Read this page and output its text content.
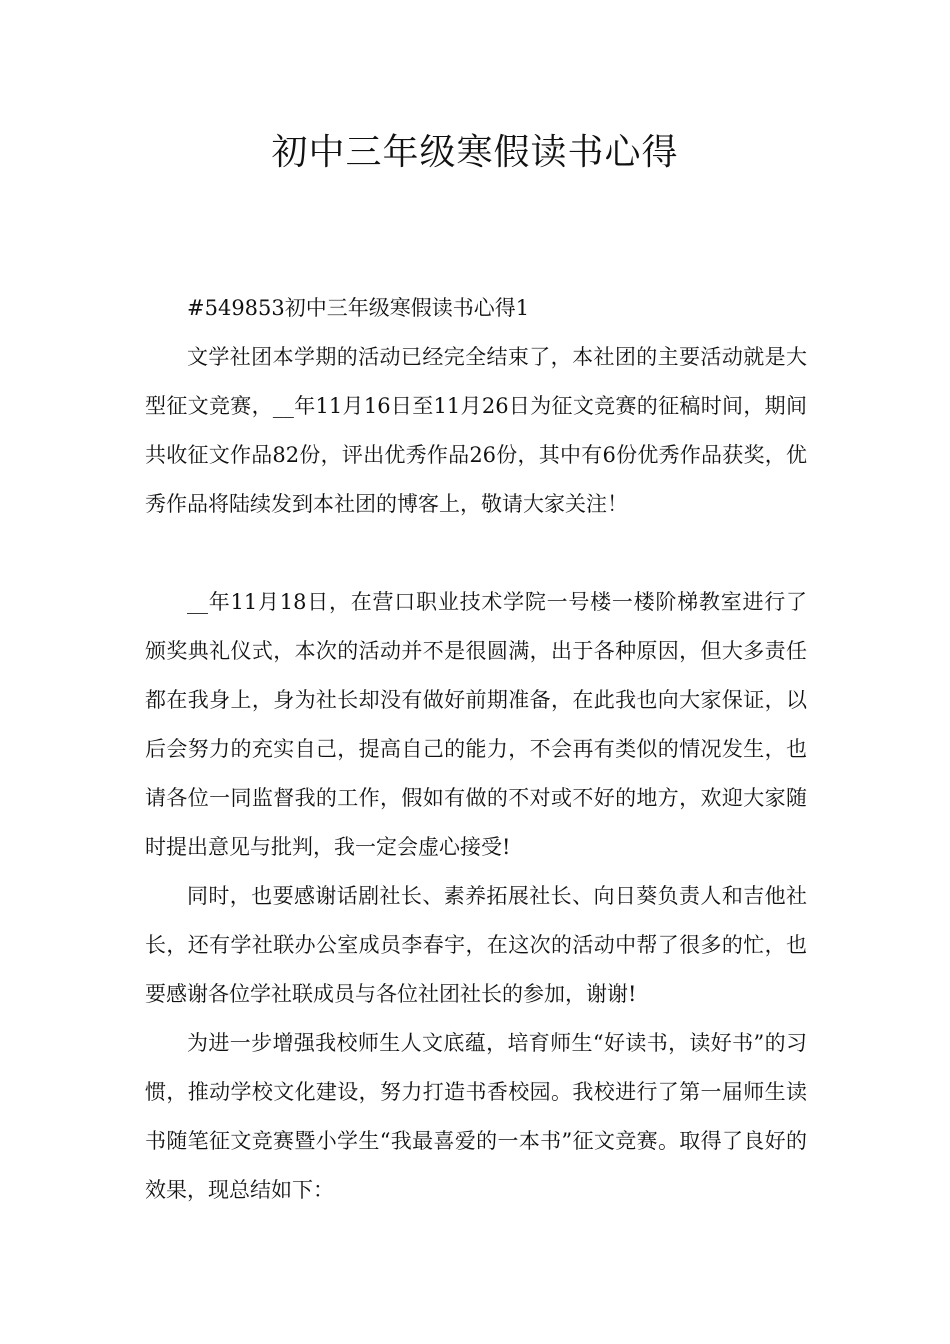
初中三年级寒假读书心得

#549853初中三年级寒假读书心得1

文学社团本学期的活动已经完全结束了，本社团的主要活动就是大型征文竞赛，__年11月16日至11月26日为征文竞赛的征稿时间，期间共收征文作品82份，评出优秀作品26份，其中有6份优秀作品获奖，优秀作品将陆续发到本社团的博客上，敬请大家关注！

__年11月18日，在营口职业技术学院一号楼一楼阶梯教室进行了颁奖典礼仪式，本次的活动并不是很圆满，出于各种原因，但大多责任都在我身上，身为社长却没有做好前期准备，在此我也向大家保证，以后会努力的充实自己，提高自己的能力，不会再有类似的情况发生，也请各位一同监督我的工作，假如有做的不对或不好的地方，欢迎大家随时提出意见与批判，我一定会虚心接受!

同时，也要感谢话剧社长、素养拓展社长、向日葵负责人和吉他社长，还有学社联办公室成员李春宇，在这次的活动中帮了很多的忙，也要感谢各位学社联成员与各位社团社长的参加，谢谢!

为进一步增强我校师生人文底蕴，培育师生“好读书，读好书”的习惯，推动学校文化建设，努力打造书香校园。我校进行了第一届师生读书随笔征文竞赛暨小学生“我最喜爱的一本书”征文竞赛。取得了良好的效果，现总结如下：
